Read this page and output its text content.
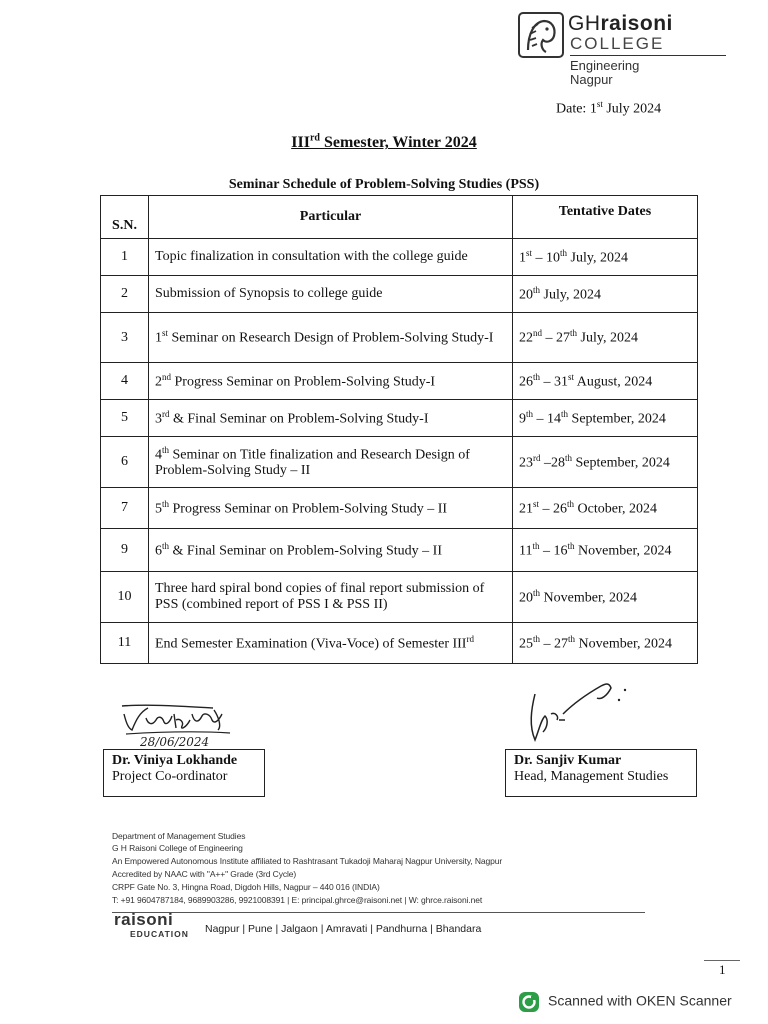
GHraisoni
COLLEGE
Engineering
Nagpur
Date: 1st July 2024
IIIrd Semester, Winter 2024
Seminar Schedule of Problem-Solving Studies (PSS)
S.N.	Particular	Tentative Dates
1	Topic finalization in consultation with the college guide	1st – 10th July, 2024
2	Submission of Synopsis to college guide	20th July, 2024
3	1st Seminar on Research Design of Problem-Solving Study-I	22nd – 27th July, 2024
4	2nd Progress Seminar on Problem-Solving Study-I	26th – 31st August, 2024
5	3rd & Final Seminar on Problem-Solving Study-I	9th – 14th September, 2024
6	4th Seminar on Title finalization and Research Design of Problem-Solving Study – II	23rd –28th September, 2024
7	5th Progress Seminar on Problem-Solving Study – II	21st – 26th October, 2024
9	6th & Final Seminar on Problem-Solving Study – II	11th – 16th November, 2024
10	Three hard spiral bond copies of final report submission of PSS (combined report of PSS I & PSS II)	20th November, 2024
11	End Semester Examination (Viva-Voce) of Semester IIIrd	25th – 27th November, 2024
28/06/2024
Dr. Viniya Lokhande
Project Co-ordinator
Dr. Sanjiv Kumar
Head, Management Studies
Department of Management Studies
G H Raisoni College of Engineering
An Empowered Autonomous Institute affiliated to Rashtrasant Tukadoji Maharaj Nagpur University, Nagpur
Accredited by NAAC with "A++" Grade (3rd Cycle)
CRPF Gate No. 3, Hingna Road, Digdoh Hills, Nagpur – 440 016 (INDIA)
T: +91 9604787184, 9689903286, 9921008391 | E: principal.ghrce@raisoni.net | W: ghrce.raisoni.net
raisoni
EDUCATION Nagpur | Pune | Jalgaon | Amravati | Pandhurna | Bhandara
1
Scanned with OKEN Scanner
